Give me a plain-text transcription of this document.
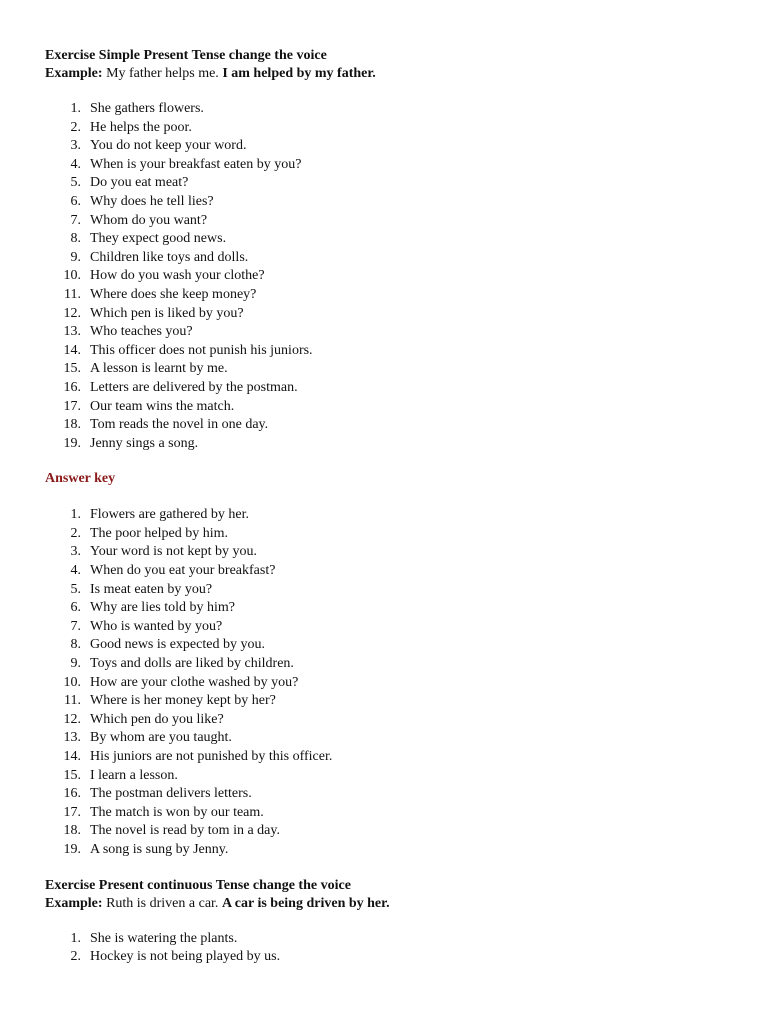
Exercise Simple Present Tense change the voice
Example: My father helps me. I am helped by my father.
1. She gathers flowers.
2. He helps the poor.
3. You do not keep your word.
4. When is your breakfast eaten by you?
5. Do you eat meat?
6. Why does he tell lies?
7. Whom do you want?
8. They expect good news.
9. Children like toys and dolls.
10. How do you wash your clothe?
11. Where does she keep money?
12. Which pen is liked by you?
13. Who teaches you?
14. This officer does not punish his juniors.
15. A lesson is learnt by me.
16. Letters are delivered by the postman.
17. Our team wins the match.
18. Tom reads the novel in one day.
19. Jenny sings a song.
Answer key
1. Flowers are gathered by her.
2. The poor helped by him.
3. Your word is not kept by you.
4. When do you eat your breakfast?
5. Is meat eaten by you?
6. Why are lies told by him?
7. Who is wanted by you?
8. Good news is expected by you.
9. Toys and dolls are liked by children.
10. How are your clothe washed by you?
11. Where is her money kept by her?
12. Which pen do you like?
13. By whom are you taught.
14. His juniors are not punished by this officer.
15. I learn a lesson.
16. The postman delivers letters.
17. The match is won by our team.
18. The novel is read by tom in a day.
19. A song is sung by Jenny.
Exercise Present continuous Tense change the voice
Example: Ruth is driven a car. A car is being driven by her.
1. She is watering the plants.
2. Hockey is not being played by us.
